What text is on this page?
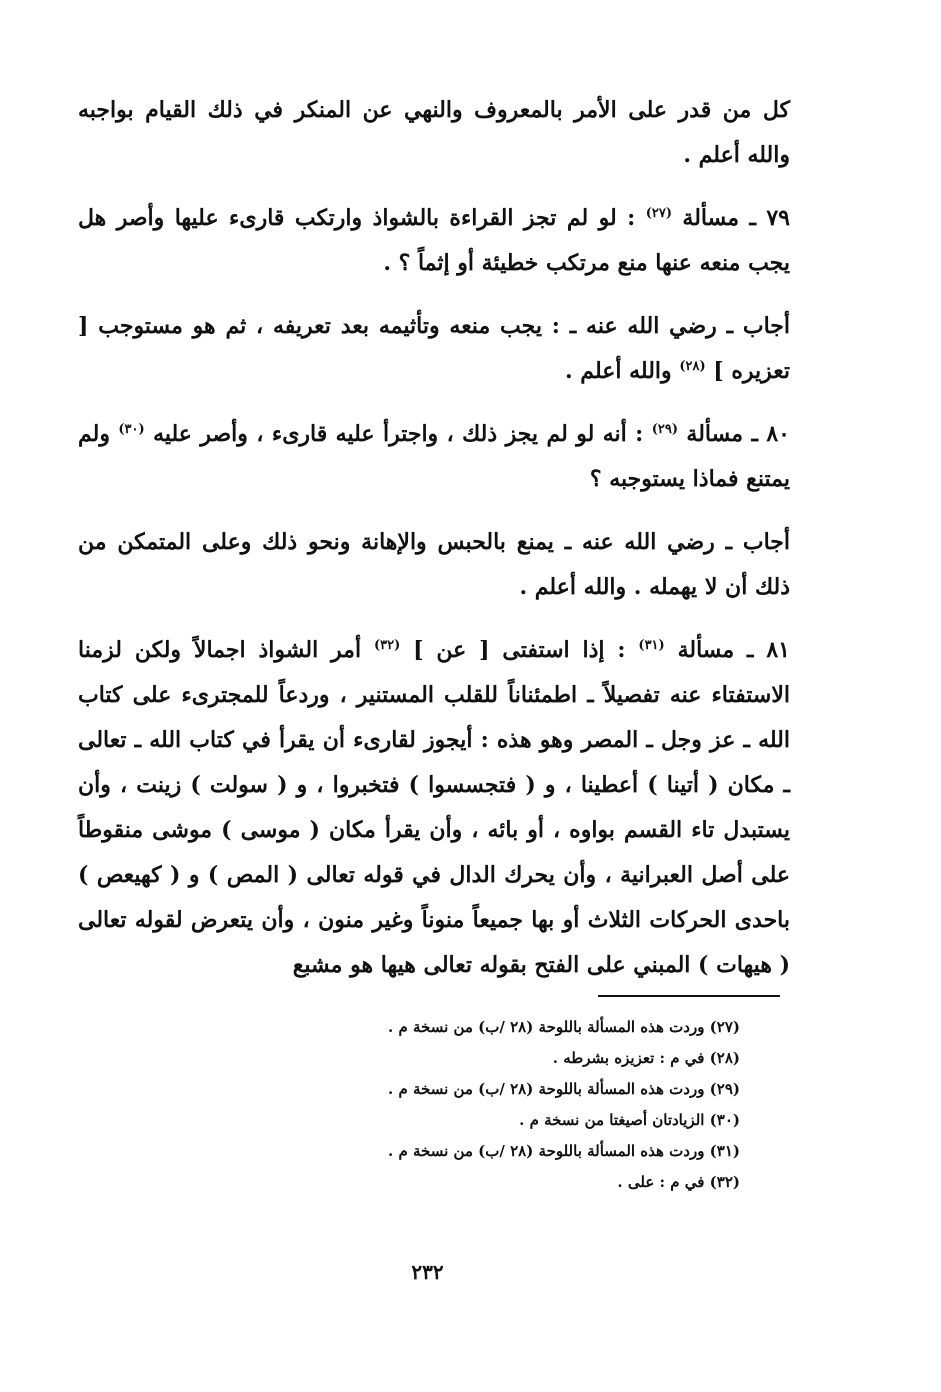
كل من قدر على الأمر بالمعروف والنهي عن المنكر في ذلك القيام بواجبه والله أعلم .

٧٩ ـ مسألة $^{(٢٧)}$ : لو لم تجز القراءة بالشواذ وارتكب قارىء عليها وأصر هل يجب منعه عنها منع مرتكب خطيئة أو إثماً ؟ .

أجاب ـ رضي الله عنه ـ : يجب منعه وتأثيمه بعد تعريفه ، ثم هو مستوجب [ تعزيره ] $^{(٢٨)}$ والله أعلم .

٨٠ ـ مسألة $^{(٢٩)}$ : أنه لو لم يجز ذلك ، واجترأ عليه قارىء ، وأصر عليه $^{(٣٠)}$ ولم يمتنع فماذا يستوجبه ؟

أجاب ـ رضي الله عنه ـ يمنع بالحبس والإهانة ونحو ذلك وعلى المتمكن من ذلك أن لا يهمله . والله أعلم .

٨١ ـ مسألة $^{(٣١)}$ : إذا استفتى [ عن ] $^{(٣٢)}$ أمر الشواذ اجمالاً ولكن لزمنا الاستفتاء عنه تفصيلاً ـ اطمئناناً للقلب المستنير ، وردعاً للمجترىء على كتاب الله ـ عز وجل ـ المصر وهو هذه : أيجوز لقارىء أن يقرأ في كتاب الله ـ تعالى ـ مكان ( أتينا ) أعطينا ، و ( فتجسسوا ) فتخبروا ، و ( سولت ) زينت ، وأن يستبدل تاء القسم بواوه ، أو بائه ، وأن يقرأ مكان ( موسى ) موشى منقوطاً على أصل العبرانية ، وأن يحرك الدال في قوله تعالى ( المص ) و ( كهيعص ) باحدى الحركات الثلاث أو بها جميعاً منوناً وغير منون ، وأن يتعرض لقوله تعالى ( هيهات ) المبني على الفتح بقوله تعالى هيها هو مشبع

(٢٧) وردت هذه المسألة باللوحة (٢٨ /ب) من نسخة م .
(٢٨) في م : تعزيزه بشرطه .
(٢٩) وردت هذه المسألة باللوحة (٢٨ /ب) من نسخة م .
(٣٠) الزيادتان أصيغتا من نسخة م .
(٣١) وردت هذه المسألة باللوحة (٢٨ /ب) من نسخة م .
(٣٢) في م : على .
٢٣٢
